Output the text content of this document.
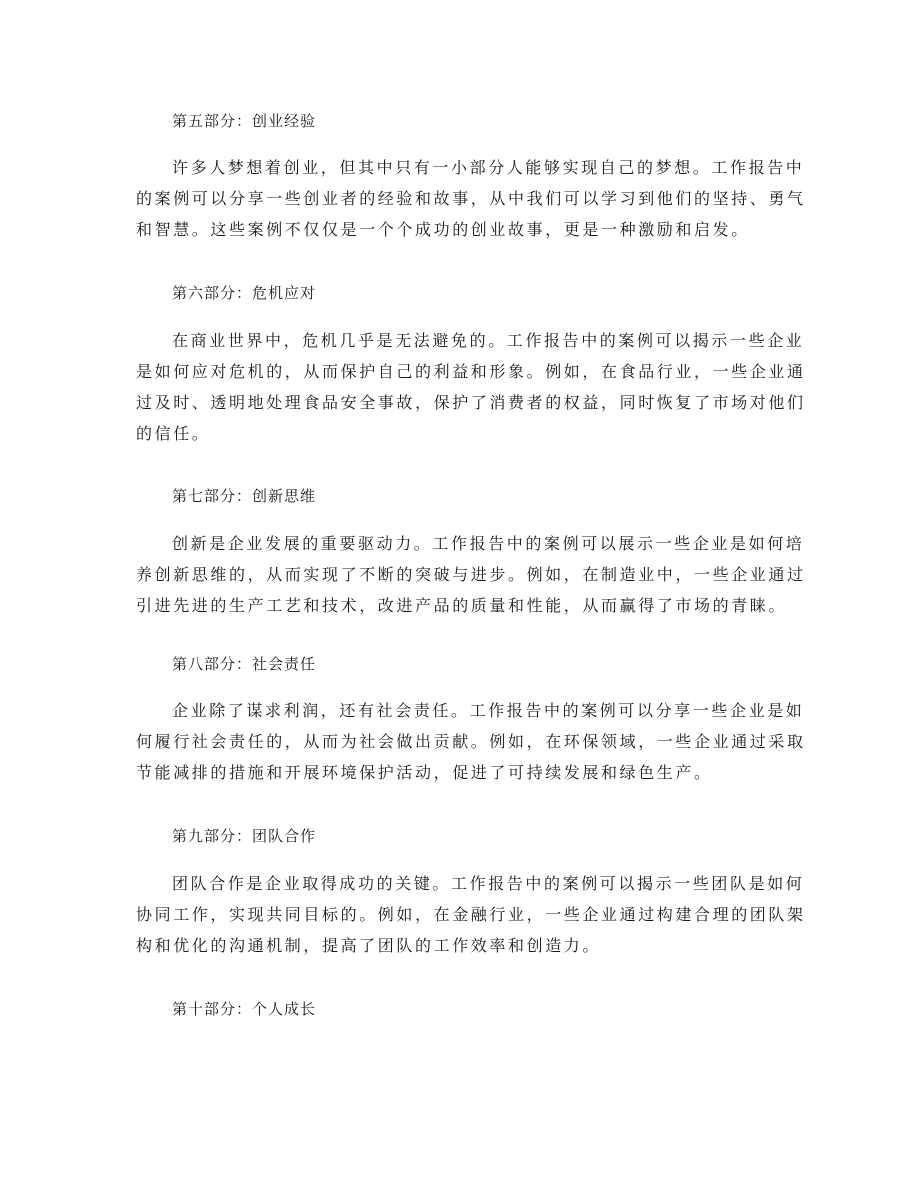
第五部分：创业经验
许多人梦想着创业，但其中只有一小部分人能够实现自己的梦想。工作报告中
的案例可以分享一些创业者的经验和故事，从中我们可以学习到他们的坚持、勇气
和智慧。这些案例不仅仅是一个个成功的创业故事，更是一种激励和启发。
第六部分：危机应对
在商业世界中，危机几乎是无法避免的。工作报告中的案例可以揭示一些企业
是如何应对危机的，从而保护自己的利益和形象。例如，在食品行业，一些企业通
过及时、透明地处理食品安全事故，保护了消费者的权益，同时恢复了市场对他们
的信任。
第七部分：创新思维
创新是企业发展的重要驱动力。工作报告中的案例可以展示一些企业是如何培
养创新思维的，从而实现了不断的突破与进步。例如，在制造业中，一些企业通过
引进先进的生产工艺和技术，改进产品的质量和性能，从而赢得了市场的青睐。
第八部分：社会责任
企业除了谋求利润，还有社会责任。工作报告中的案例可以分享一些企业是如
何履行社会责任的，从而为社会做出贡献。例如，在环保领域，一些企业通过采取
节能减排的措施和开展环境保护活动，促进了可持续发展和绿色生产。
第九部分：团队合作
团队合作是企业取得成功的关键。工作报告中的案例可以揭示一些团队是如何
协同工作，实现共同目标的。例如，在金融行业，一些企业通过构建合理的团队架
构和优化的沟通机制，提高了团队的工作效率和创造力。
第十部分：个人成长
